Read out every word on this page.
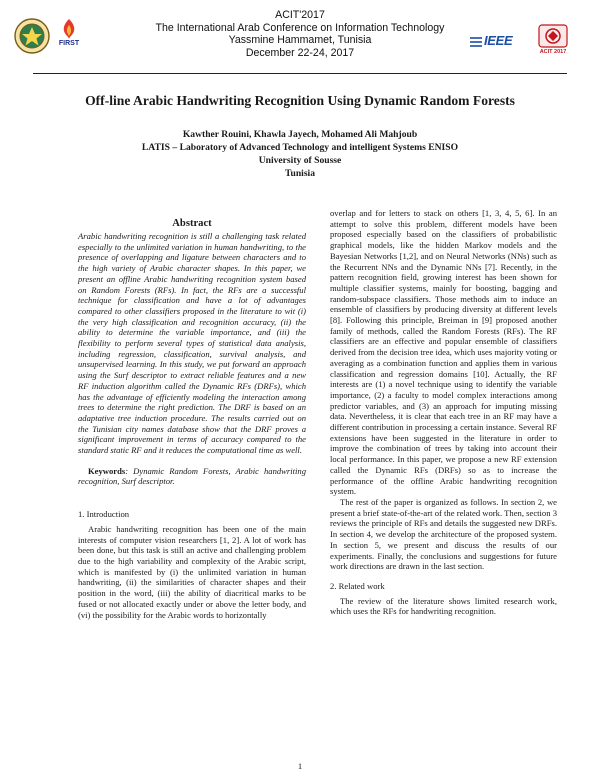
FIRST	IEEE
ACIT 2017
ACIT'2017
The International Arab Conference on Information Technology
Yassmine Hammamet, Tunisia
December 22-24, 2017
Off-line Arabic Handwriting Recognition Using Dynamic Random Forests
Kawther Rouini, Khawla Jayech, Mohamed Ali Mahjoub
LATIS – Laboratory of Advanced Technology and intelligent Systems ENISO
University of Sousse
Tunisia
Abstract

Arabic handwriting recognition is still a challenging task related especially to the unlimited variation in human handwriting, to the presence of overlapping and ligature between characters and to the high variety of Arabic character shapes. In this paper, we present an offline Arabic handwriting recognition system based on Random Forests (RFs). In fact, the RFs are a successful technique for classification and have a lot of advantages compared to other classifiers proposed in the literature to wit (i) the very high classification and recognition accuracy, (ii) the ability to determine the variable importance, and (iii) the flexibility to perform several types of statistical data analysis, including regression, classification, survival analysis, and unsupervised learning. In this study, we put forward an approach using the Surf descriptor to extract reliable features and a new RF induction algorithm called the Dynamic RFs (DRFs), which has the advantage of efficiently modeling the interaction among trees to determine the right prediction. The DRF is based on an adaptative tree induction procedure. The results carried out on the Tunisian city names database show that the DRF proves a significant improvement in terms of accuracy compared to the standard static RF and it reduces the computational time as well.

Keywords: Dynamic Random Forests, Arabic handwriting recognition, Surf descriptor.

1. Introduction

Arabic handwriting recognition has been one of the main interests of computer vision researchers [1, 2]. A lot of work has been done, but this task is still an active and challenging problem due to the high variability and complexity of the Arabic script, which is manifested by (i) the unlimited variation in human handwriting, (ii) the similarities of character shapes and their position in the word, (iii) the ability of diacritical marks to be fused or not allocated exactly under or above the letter body, and (vi) the possibility for the Arabic words to horizontally

overlap and for letters to stack on others [1, 3, 4, 5, 6]. In an attempt to solve this problem, different models have been proposed especially based on the classifiers of probabilistic graphical models, like the hidden Markov models and the Bayesian Networks [1,2], and on Neural Networks (NNs) such as the Recurrent NNs and the Dynamic NNs [7]. Recently, in the pattern recognition field, growing interest has been shown for multiple classifier systems, mainly for boosting, bagging and random-subspace classifiers. Those methods aim to induce an ensemble of classifiers by producing diversity at different levels [8]. Following this principle, Breiman in [9] proposed another family of methods, called the Random Forests (RFs). The RF classifiers are an effective and popular ensemble of classifiers derived from the decision tree idea, which uses majority voting or averaging as a combination function and applies them in various classification and regression domains [10]. Actually, the RF interests are (1) a novel technique using to identify the variable importance, (2) a faculty to model complex interactions among predictor variables, and (3) an approach for imputing missing data. Nevertheless, it is clear that each tree in an RF may have a different contribution in processing a certain instance. Several RF extensions have been suggested in the literature in order to improve the combination of trees by taking into account their local performance. In this paper, we propose a new RF extension called the Dynamic RFs (DRFs) so as to increase the performance of the offline Arabic handwriting recognition system.

The rest of the paper is organized as follows. In section 2, we present a brief state-of-the-art of the related work. Then, section 3 reviews the principle of RFs and details the suggested new DRFs. In section 4, we develop the architecture of the proposed system. In section 5, we present and discuss the results of our experiments. Finally, the conclusions and suggestions for future work directions are drawn in the last section.

2. Related work

The review of the literature shows limited research work, which uses the RFs for handwriting recognition.

1
